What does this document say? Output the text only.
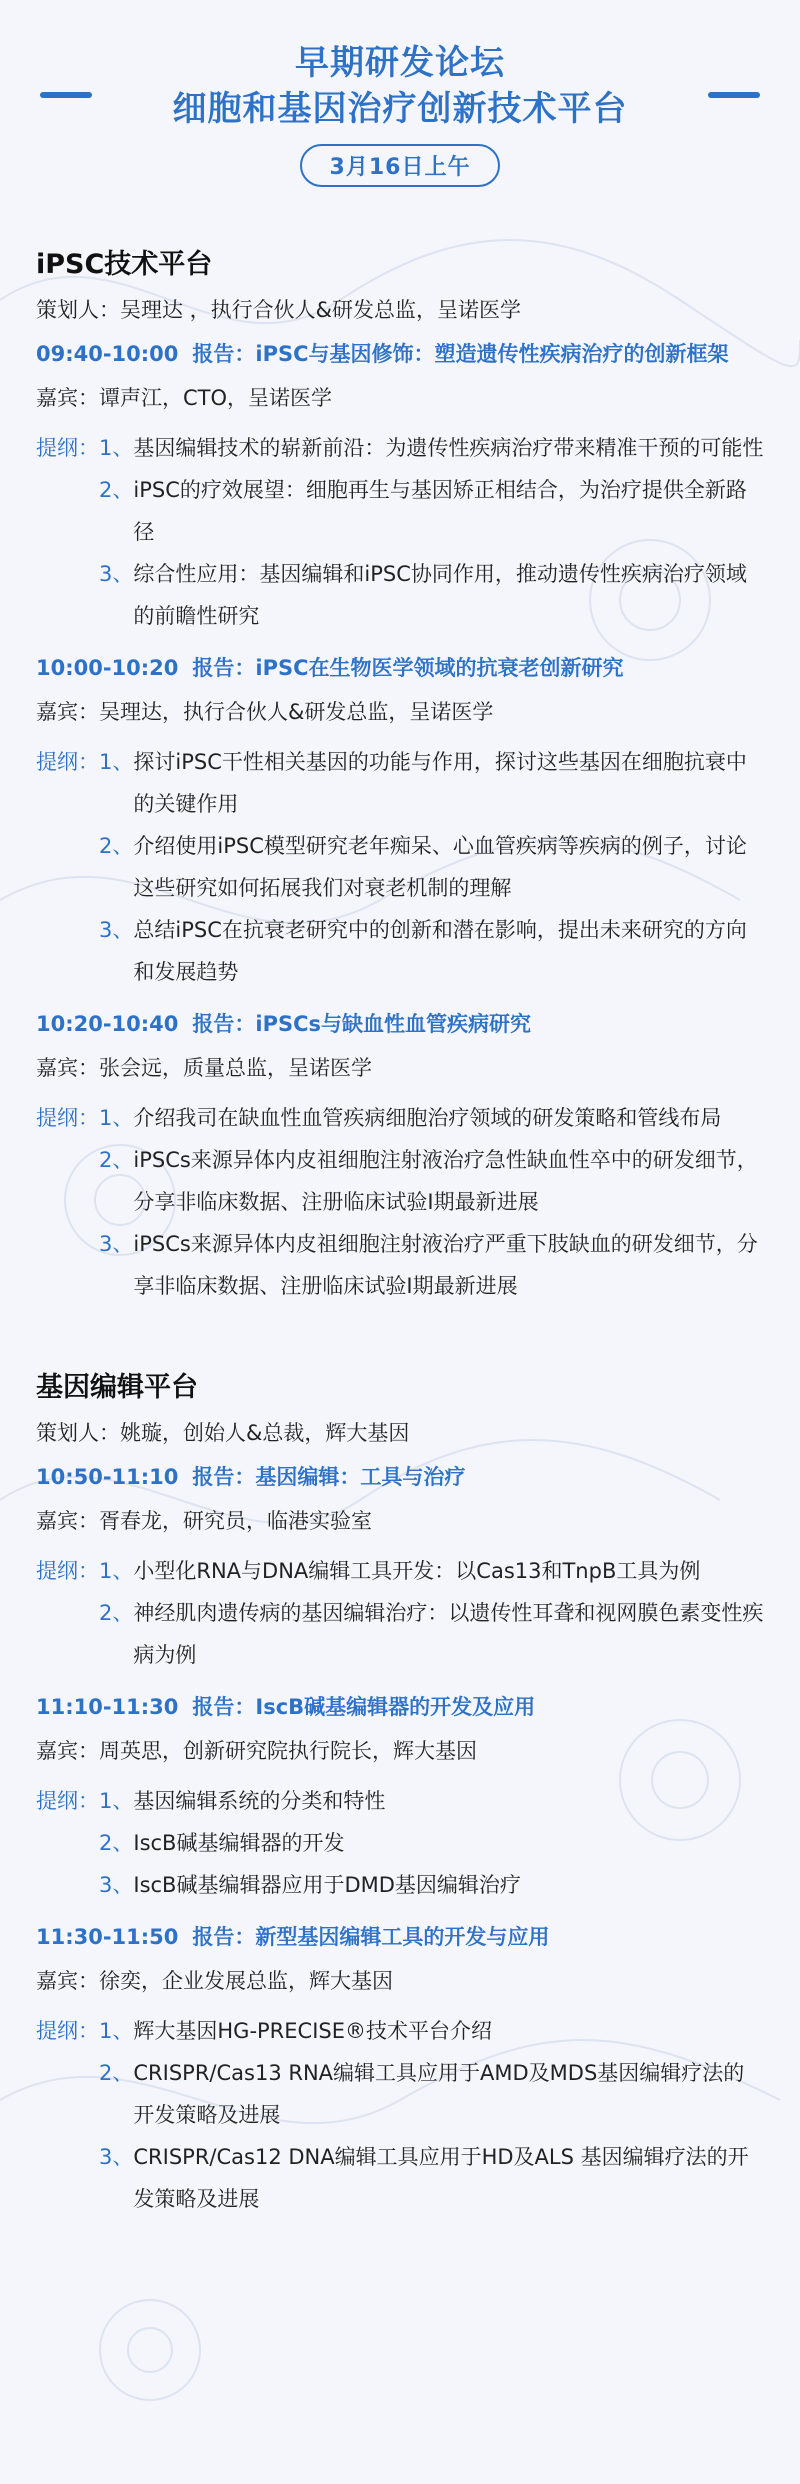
早期研发论坛
细胞和基因治疗创新技术平台
3月16日上午
iPSC技术平台
策划人：吴理达 ，执行合伙人&研发总监，呈诺医学
09:40-10:00 报告：iPSC与基因修饰：塑造遗传性疾病治疗的创新框架
嘉宾：谭声江，CTO，呈诺医学
提纲： 1、 基因编辑技术的崭新前沿：为遗传性疾病治疗带来精准干预的可能性
2、 iPSC的疗效展望：细胞再生与基因矫正相结合，为治疗提供全新路径
3、 综合性应用：基因编辑和iPSC协同作用，推动遗传性疾病治疗领域的前瞻性研究
10:00-10:20 报告：iPSC在生物医学领域的抗衰老创新研究
嘉宾：吴理达，执行合伙人&研发总监，呈诺医学
提纲： 1、 探讨iPSC干性相关基因的功能与作用，探讨这些基因在细胞抗衰中的关键作用
2、 介绍使用iPSC模型研究老年痴呆、心血管疾病等疾病的例子，讨论这些研究如何拓展我们对衰老机制的理解
3、 总结iPSC在抗衰老研究中的创新和潜在影响，提出未来研究的方向和发展趋势
10:20-10:40 报告：iPSCs与缺血性血管疾病研究
嘉宾：张会远，质量总监，呈诺医学
提纲： 1、 介绍我司在缺血性血管疾病细胞治疗领域的研发策略和管线布局
2、 iPSCs来源异体内皮祖细胞注射液治疗急性缺血性卒中的研发细节，分享非临床数据、注册临床试验I期最新进展
3、 iPSCs来源异体内皮祖细胞注射液治疗严重下肢缺血的研发细节，分享非临床数据、注册临床试验I期最新进展
基因编辑平台
策划人：姚璇，创始人&总裁，辉大基因
10:50-11:10 报告：基因编辑：工具与治疗
嘉宾：胥春龙，研究员，临港实验室
提纲： 1、 小型化RNA与DNA编辑工具开发：以Cas13和TnpB工具为例
2、 神经肌肉遗传病的基因编辑治疗：以遗传性耳聋和视网膜色素变性疾病为例
11:10-11:30 报告：IscB碱基编辑器的开发及应用
嘉宾：周英思，创新研究院执行院长，辉大基因
提纲： 1、 基因编辑系统的分类和特性
2、 IscB碱基编辑器的开发
3、 IscB碱基编辑器应用于DMD基因编辑治疗
11:30-11:50 报告：新型基因编辑工具的开发与应用
嘉宾：徐奕，企业发展总监，辉大基因
提纲： 1、 辉大基因HG-PRECISE®技术平台介绍
2、 CRISPR/Cas13 RNA编辑工具应用于AMD及MDS基因编辑疗法的开发策略及进展
3、 CRISPR/Cas12 DNA编辑工具应用于HD及ALS 基因编辑疗法的开发策略及进展
